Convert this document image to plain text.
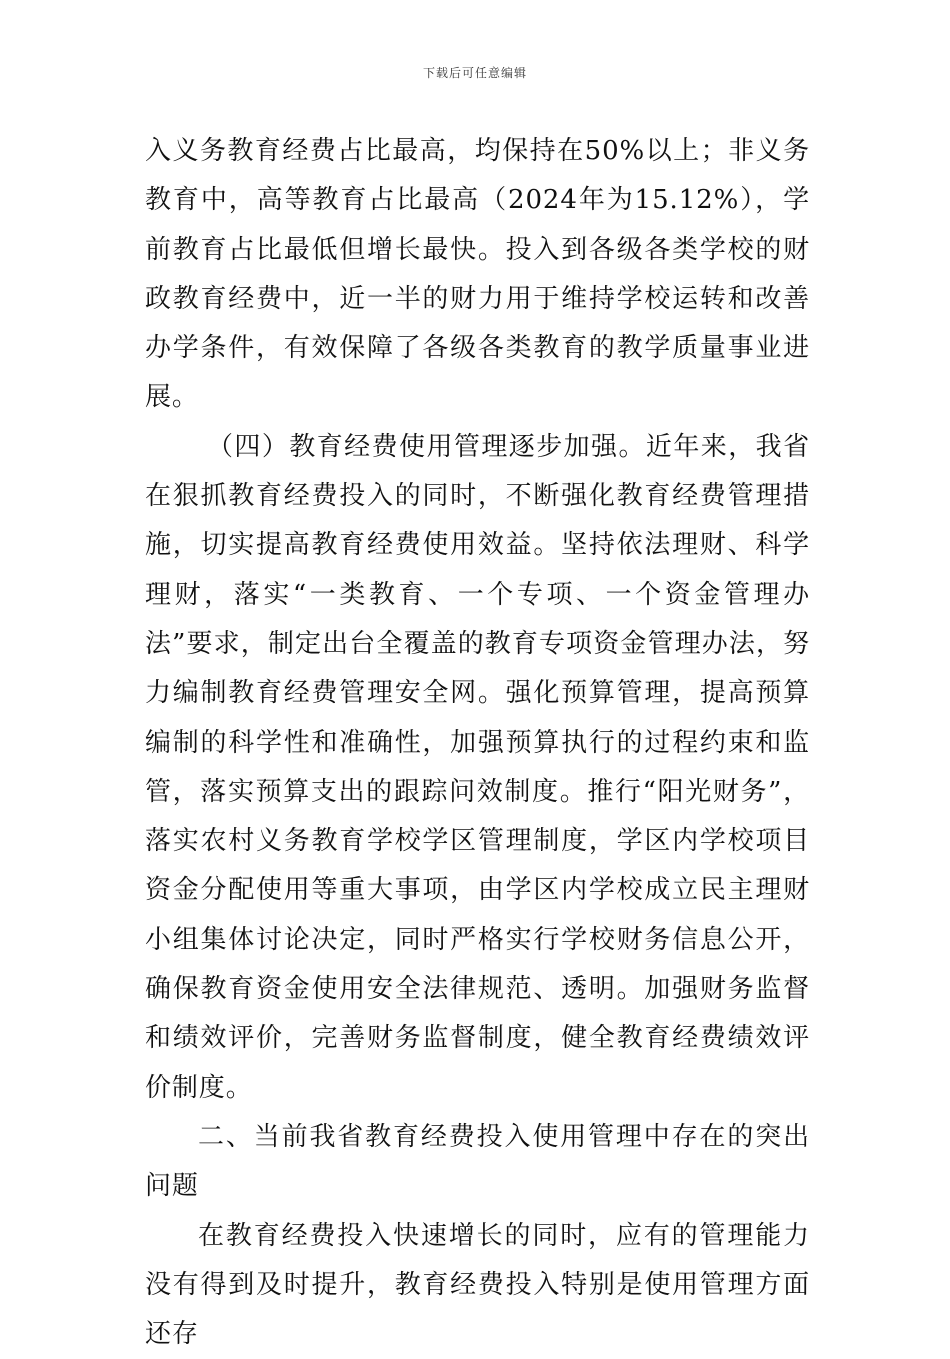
下载后可任意编辑

入义务教育经费占比最高，均保持在50%以上；非义务教育中，高等教育占比最高（2024年为15.12%），学前教育占比最低但增长最快。投入到各级各类学校的财政教育经费中，近一半的财力用于维持学校运转和改善办学条件，有效保障了各级各类教育的教学质量事业进展。

（四）教育经费使用管理逐步加强。近年来，我省在狠抓教育经费投入的同时，不断强化教育经费管理措施，切实提高教育经费使用效益。坚持依法理财、科学理财，落实“一类教育、一个专项、一个资金管理办法”要求，制定出台全覆盖的教育专项资金管理办法，努力编制教育经费管理安全网。强化预算管理，提高预算编制的科学性和准确性，加强预算执行的过程约束和监管，落实预算支出的跟踪问效制度。推行“阳光财务”， 落实农村义务教育学校学区管理制度，学区内学校项目资金分配使用等重大事项，由学区内学校成立民主理财小组集体讨论决定，同时严格实行学校财务信息公开，确保教育资金使用安全法律规范、透明。加强财务监督和绩效评价，完善财务监督制度，健全教育经费绩效评价制度。

二、当前我省教育经费投入使用管理中存在的突出问题

在教育经费投入快速增长的同时，应有的管理能力没有得到及时提升，教育经费投入特别是使用管理方面还存
